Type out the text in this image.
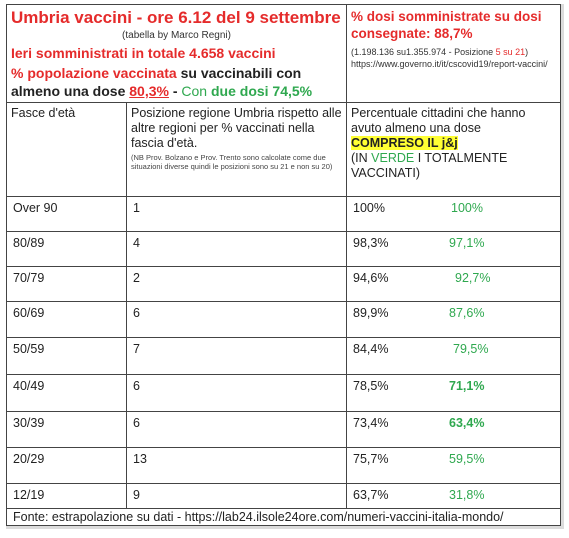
Umbria vaccini - ore 6.12 del 9 settembre
(tabella by Marco Regni)
Ieri somministrati in totale 4.658 vaccini
% popolazione vaccinata su vaccinabili con
almeno una dose 80,3% - Con due dosi 74,5%
% dosi somministrate su dosi
consegnate: 88,7%
(1.198.136 su1.355.974 - Posizione 5 su 21)
https://www.governo.it/it/cscovid19/report-vaccini/
Fasce d'età	Posizione regione Umbria rispetto alle altre regioni per % vaccinati nella fascia d'età.
(NB Prov. Bolzano e Prov. Trento sono calcolate come due situazioni diverse quindi le posizioni sono su 21 e non su 20)
Percentuale cittadini che hanno avuto almeno una dose
COMPRESO IL j&j
(IN VERDE I TOTALMENTE VACCINATI)
Over 90	1	100%	100%
80/89	4	98,3%	97,1%
70/79	2	94,6%	92,7%
60/69	6	89,9%	87,6%
50/59	7	84,4%	79,5%
40/49	6	78,5%	71,1%
30/39	6	73,4%	63,4%
20/29	13	75,7%	59,5%
12/19	9	63,7%	31,8%
Fonte: estrapolazione su dati - https://lab24.ilsole24ore.com/numeri-vaccini-italia-mondo/
